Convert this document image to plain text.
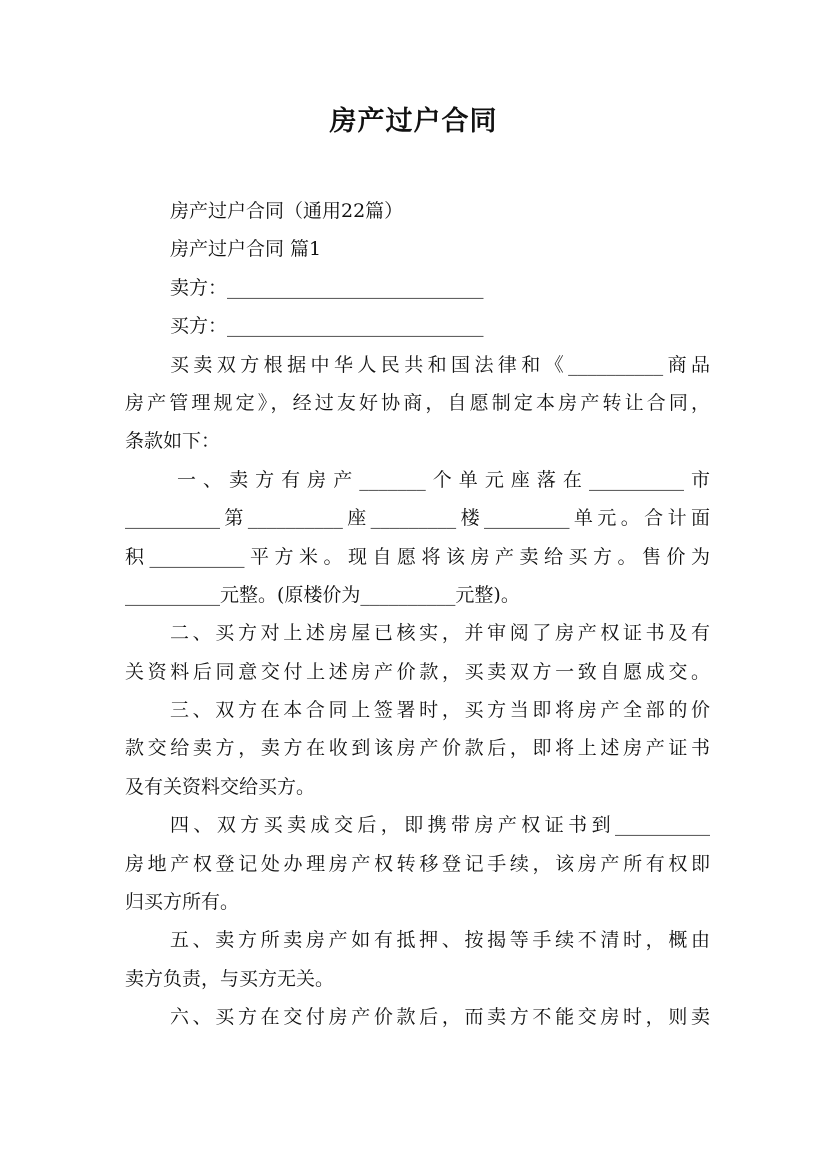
房产过户合同
房产过户合同（通用22篇）
房产过户合同 篇1
卖方：___________________________
买方：___________________________
买卖双方根据中华人民共和国法律和《__________商品
房产管理规定》，经过友好协商，自愿制定本房产转让合同，
条款如下：
一、卖方有房产_______个单元座落在__________市
__________第__________座_________楼_________单元。合计面
积__________平方米。现自愿将该房产卖给买方。售价为
__________元整。(原楼价为__________元整)。
二、买方对上述房屋已核实，并审阅了房产权证书及有
关资料后同意交付上述房产价款，买卖双方一致自愿成交。
三、双方在本合同上签署时，买方当即将房产全部的价
款交给卖方，卖方在收到该房产价款后，即将上述房产证书
及有关资料交给买方。
四、双方买卖成交后，即携带房产权证书到__________
房地产权登记处办理房产权转移登记手续，该房产所有权即
归买方所有。
五、卖方所卖房产如有抵押、按揭等手续不清时，概由
卖方负责，与买方无关。
六、买方在交付房产价款后，而卖方不能交房时，则卖
